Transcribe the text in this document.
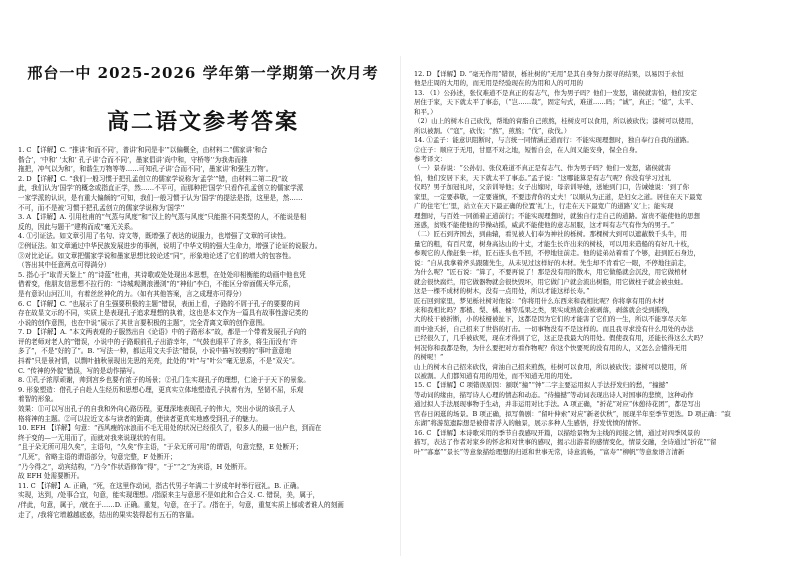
邢台一中 2025-2026 学年第一学期第一次月考
高二语文参考答案
1. C 【详解】C. “推讲‘和而不同’，普讲‘和同是非’”以偏概全，由材料二“儒家讲‘和合
偕合’，‘中和’ ‘太和’ 孔子讲‘合而不同’，墨家倡讲‘尚中和，守桥等’‘为我弗而推
拖把，冲气以为和’，和谐生万物等等……可知孔子讲‘合而不同’，墨家讲‘和强生万物’。
2. D 【详解】C. “我们一般习惯于把孔孟创立的儒家学说称为‘孟学’”错，由材料二第二段“故
此，我们认为‘国学’的概念或指直正学，然……不平可，而那种把‘国学’只看作孔孟创立的儒家学派
一家学派的认识，是有重大偏颇的”可知，我们一般习惯于认为‘国学’的提法是指，这里是，然……
不可，而不是被‘习惯于把孔孟创立的儒家学说称为‘国学’’
3. A 【详解】A. 引用杜甫的“气蒸与风度”和“汉上的气蒸与风度”只能推不同类型的人，不能说是相
反的，因此与题干“建构而成”毫无关系。
4. ①引证法。如文章引用了名句、诗文等，既增强了表达的说服力，也增强了文章的可读性。
②例证法。如文章通过中华民族发展进步的事例，说明了中华文明的强大生命力，增强了论证的说服力。
③对比论证。如文章把儒家学说和墨家思想比较论述“同”，形象地论述了它们的增大的包容性。
（答出其中任意两点可得满分）
5. 指心于“取青天鉴上” 的“诗蓝”杜甫，其诗歌或处处现出本思想，在处处印相衡能的动画中他也凭
借着变，他朋友信思想不拉行的：“诗城观测浪漫浏”的“神仙”李白，不能区分帝面儒天华元系，
是有意识山河江川，有着丝丝神化的力。（如有其他答案，言之成理亦可得分）
6. C 【详解】C. “也展示了自生强要积极的主题”错误，表面上看，子路的不屑于孔子的要要的问
存在故显文示的不同，实质上是表现孔子追求理想的执着，这也是本文作为一篇具有故事性游记类的
小说的创作意图，也在中说“展示了其世言要积极的主题”，完全背离文章的创作意图。
7. D 【详解】A. “本文两表观的子服然出自《论语》中的子路形本”故，都是一个带着发展孔子向的
评的老师对老人的”错误，小说中的子路眼前孔子出游幸年，“气鼓也眼平了许多，将生而没有’许
多了”，不是“好的了”。B. “写法一种，都运用文夫手法”错误，小说中描写较剪的“事叶意意地
抖着”只是景衬情，以剽叶抽秋景现出先思的光亮，此处的“叶”与“叶公”毫无思系，不是“双关”。
C. “传神的外貌”错误，写的是动作描写。
8. ①孔子浓厚顽谢，帅到宫乡也要有浓子的场景；②孔门生实现孔子的理想，仁途于于天下的景象。
9. 形象塑造：借孔子自赴人生经历和思想心理，更真实立体地塑造孔子执着有为，坚韧不屈，乐观
着智的形象。
效果：①可以写出孔子的自我和外向心路历程，更理深地表现孔子的伟大，突出小说的该孔子人
格将神的主题。②可以拉近文本与读者的距离，使读者更真实地感受到孔子的魅力。
10. EFH 【详解】句意：“西风瘦的冰浪而不毛无用处的状况已经很久了，很多人的最一出户也，到而在
终于变的—一无用而了，而就对我来说现状的有用。
“且于朵无所可用久矣”，主语句，“久矣”作主语，“于朵无所可用”的谓语，句意完整，E 处断开；
“几死”，省略主语的谓语部分，句意完整，F 处断开；
“乃今得之”，动宾结构，“乃今”作状语修饰“得”，“于”“之”为宾语，H 处断开。
故 EFH 处需要断开。
11. C 【详解】A. 正确，“死，在这里作动词，指古代男子年满二十岁成年时举行冠礼。B. 正确。
实现，达到，/处事合宜，句意，能实现理想。/指原来主与意思不是如此和合合义. C. 错误，美，属于，
/伴此，句意，属于，/就在于……D. 正确。重复，句意，在于了。/指在于，句意，重复实质上郁或者谁人的刻画
走了，/我将它增越越底惑，结出的果实装得起有五石的容量。
12. D 【详解】D. “毫无作用”错误，栎社树的“无用”是其自身努力探寻的结果，以易因于永恒
他是庄周的大用的，而无用是经验现在的为用和人的可用的
13. （1）公孙述，张仪难道不是真正的有志气，作为男子吗？他们一发怒，诸侯就害怕，他们安定
居住于家，天下就太平了事态，（“岂……哉”，固定句式，难道……吗；“诚”，真正；“熄”，太平、
和平。）
（2）山上的树木自己砍伐，帮地的膏脂自己煎熬，桂树皮可以食用，所以被砍伐；漆树可以使用，
所以被割。（“寇”，砍伐；“熬”，煎熬；“伐”，砍伐。）
14. ①孟子：能意识阻断时，与言统一同情涵正道而行：不能实现理想时，独自奉行自我的道路。
②庄子：顺应于无用，甘愿不对之地，短暂自会，在人间又能安身，保全自身。
参考译文：
（一）景春说：“公孙衍、张仪难道不真正是有志气、作为男子吗？他们一发怒，诸侯就害
怕，他们安居下来，天下就太平了事态。”孟子说：“这哪能算是有志气呢？你没有学习过礼
仪吗？男子加冠礼时，父亲训导他；女子出嫁时，母亲训导她，送她到门口，告诫她说：‘到了你
家里，一定要恭敬，一定要谨慎，不要违背你的丈夫！’以顺从为正道，是妇女之道。居住在天下最宽
广的住宅‘仁’里，站立在天下最正确的位置‘礼’上，行走在天下最宽广的道路‘义’上；能实现
理想时，与百姓一同循着正道前行；不能实现理想时，就独自行走自己的道路。富贵不能使他的思想
迷惑，贫贱不能使他的节操动摇，威武不能使他的意志屈服，这才叫有志气有作为的男子。”
（二）匠石到齐国去，到曲辕，看见被人们奉为神社的栎树。那棵树大到可以遮蔽数千头牛，用
量它的粗，有百尺宽，树身高达山的十丈，才能生长许出来的树枝，可以用来造船的有好几十枝，
参观它的人像赶集一样，匠石连头也不回，不停地往前走。他的徒弟站着看了个够，赶到匠石身边，
说：“自从我拿着斧头跟随先生，从未见过这样好的木材。先生却不肯看它一眼，不停地往前走，
为什么呢？”匠石说：“算了，不要再说了！那是没有用的散木，用它做船就会沉没，用它做棺材
就会很快腐烂，用它做器物就会很快毁坏，用它做门户就会流出树脂，用它做柱子就会被虫蛀。
这是一棵不成材的树木，没有一点用处，所以才能这样长寿。”
匠石回到家里，梦见栎社树对他说：“你将用什么东西来和我相比呢？你将拿有用的木材
来和我相比吗？那楂、梨、橘、柚等瓜果之类，果实成熟就会被剥落，剥落就会受到摧残，
大的枝干被折断，小的枝桠被扯下，这都是因为它们的才能害了它们的一生，所以不能享尽天年
而中途夭折，自己招来了世俗的打击。一切事物没有不是这样的。而且我寻求没有什么用处的办法
已经很久了，几乎被砍死，现在才得到了它，这正是我最大的用处。假使我有用，还能长得这么大吗？
何况你和我都是物，为什么要把对方看作物呢？你这个快要死的没有用的人，又怎么会懂得无用
的树呢！”
山上的树木自己招来砍伐，膏油自己招来煎熬，桂树可以食用，所以被砍伐；漆树可以使用，所
以被割。人们都知道有用的用处，而不知道无用的用处。
15. C 【详解】C 项错误原因：颔联“撞”“钟”二字主要运用拟人手法抒发归的愁，“撞撼”
等动词的缘由，描写诗人心理的情态和动态。“待撞撼”等动词表现出诗人对国事的悲愤，这种动作
通过拟人手法展现事物于生动，并非运用对比手法。A 项正确，“折花”对应“休憩待花团”，都是写出
官春日闲逛的场景。B 项正确，拟写鲁剧：“留叶伸索”对应“新老伏秋”，展现半年至季节更迭。D 项正确：“寂
东湖”将游览遗踪想是被借者浮入的触景，展示多种人生感悟，抒发忧愤的情怀。
16. C 【详解】本诗歌采用的季节自我感叹开篇，以描绘景物为主线的间接之情，通过对四季风景的
描写，表达了作者对家乡的怀念和对世事的感叹，揭示出游者的感情变化，情景交融，全诗通过“折花”“留
叶”“寡嘉”“景长”等意象描绘理想的归返和世事无常，诗意流畅，“富寿”“柳帆”等意象语言清新
